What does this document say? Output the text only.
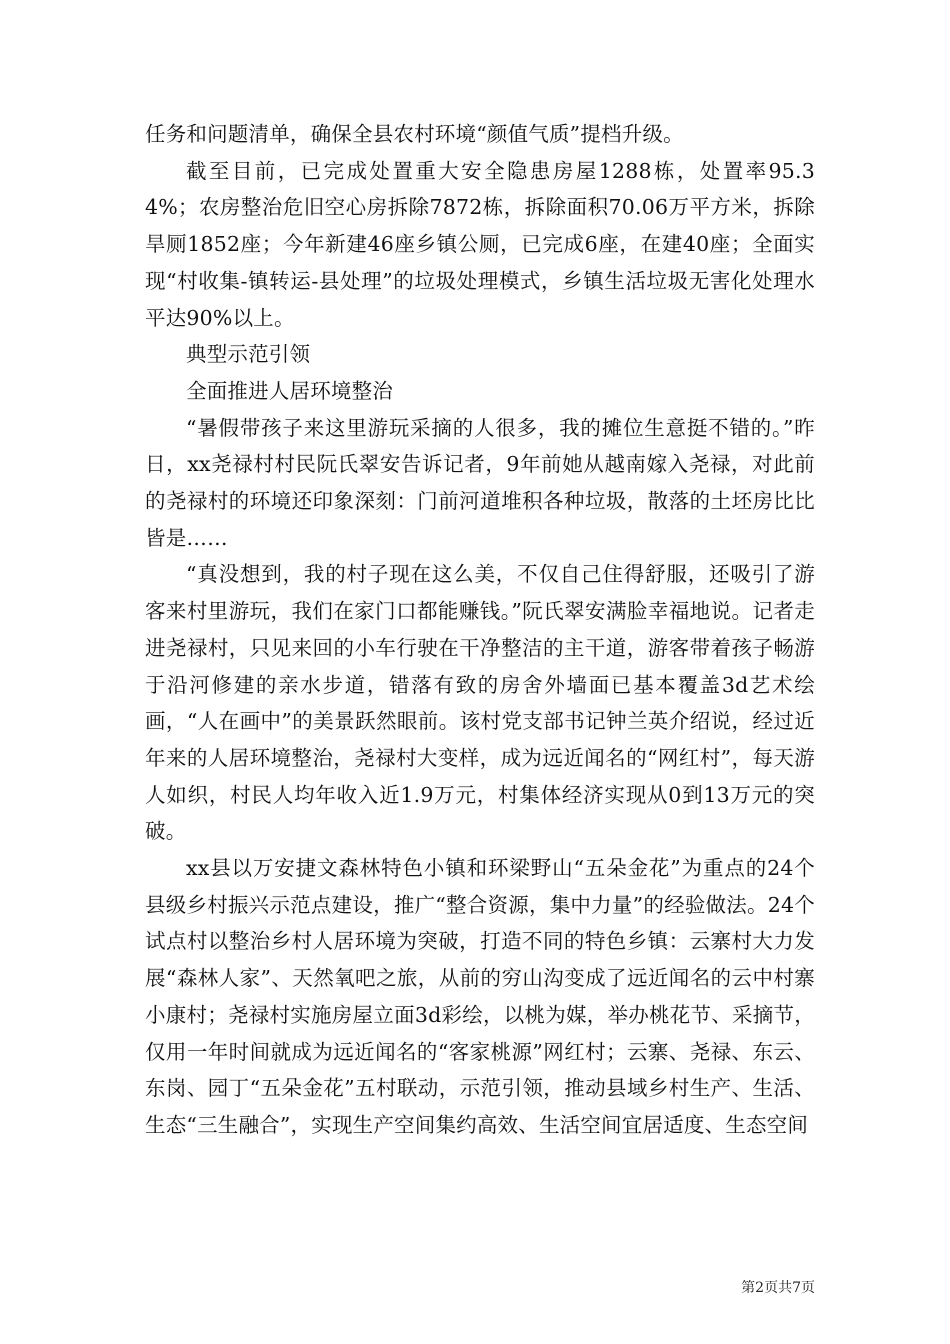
任务和问题清单，确保全县农村环境“颜值气质”提档升级。

截至目前，已完成处置重大安全隐患房屋1288栋，处置率95.34%；农房整治危旧空心房拆除7872栋，拆除面积70.06万平方米，拆除旱厕1852座；今年新建46座乡镇公厕，已完成6座，在建40座；全面实现“村收集-镇转运-县处理”的垃圾处理模式，乡镇生活垃圾无害化处理水平达90%以上。

典型示范引领

全面推进人居环境整治

“暑假带孩子来这里游玩采摘的人很多，我的摊位生意挺不错的。”昨日，xx尧禄村村民阮氏翠安告诉记者，9年前她从越南嫁入尧禄，对此前的尧禄村的环境还印象深刻：门前河道堆积各种垃圾，散落的土坯房比比皆是……

“真没想到，我的村子现在这么美，不仅自己住得舒服，还吸引了游客来村里游玩，我们在家门口都能赚钱。”阮氏翠安满脸幸福地说。记者走进尧禄村，只见来回的小车行驶在干净整洁的主干道，游客带着孩子畅游于沿河修建的亲水步道，错落有致的房舍外墙面已基本覆盖3d艺术绘画，“人在画中”的美景跃然眼前。该村党支部书记钟兰英介绍说，经过近年来的人居环境整治，尧禄村大变样，成为远近闻名的“网红村”，每天游人如织，村民人均年收入近1.9万元，村集体经济实现从0到13万元的突破。

xx县以万安捷文森林特色小镇和环梁野山“五朵金花”为重点的24个县级乡村振兴示范点建设，推广“整合资源，集中力量”的经验做法。24个试点村以整治乡村人居环境为突破，打造不同的特色乡镇：云寨村大力发展“森林人家”、天然氧吧之旅，从前的穷山沟变成了远近闻名的云中村寨小康村；尧禄村实施房屋立面3d彩绘，以桃为媒，举办桃花节、采摘节，仅用一年时间就成为远近闻名的“客家桃源”网红村；云寨、尧禄、东云、东岗、园丁“五朵金花”五村联动，示范引领，推动县域乡村生产、生活、生态“三生融合”，实现生产空间集约高效、生活空间宜居适度、生态空间

第2页共7页
